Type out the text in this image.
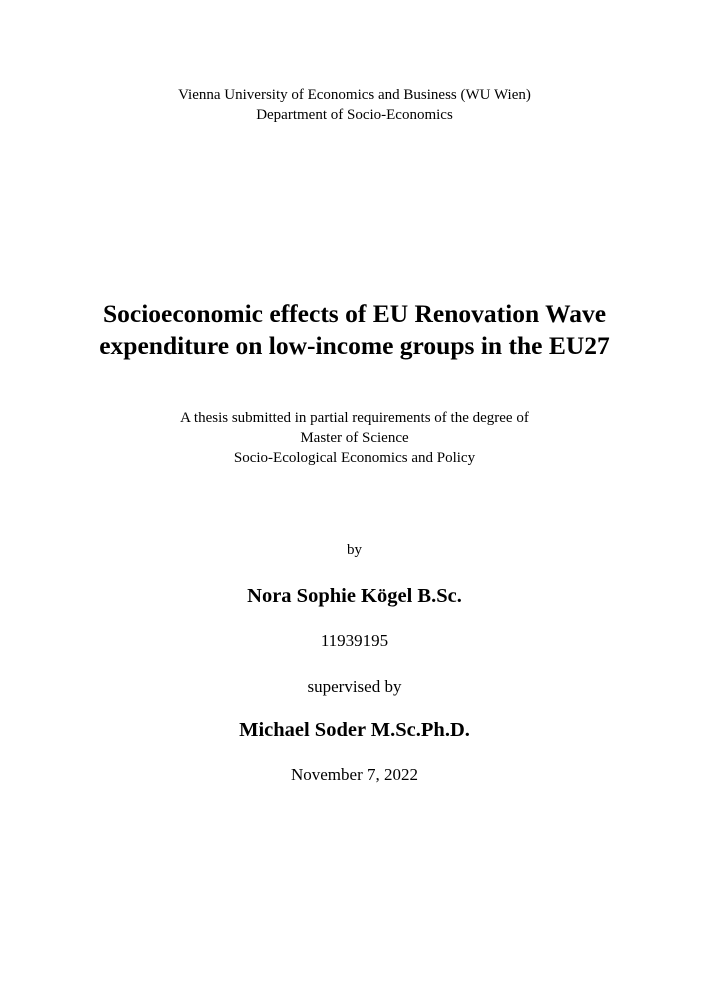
Vienna University of Economics and Business (WU Wien)
Department of Socio-Economics
Socioeconomic effects of EU Renovation Wave
expenditure on low-income groups in the EU27
A thesis submitted in partial requirements of the degree of
Master of Science
Socio-Ecological Economics and Policy
by
Nora Sophie Kögel B.Sc.
11939195
supervised by
Michael Soder M.Sc.Ph.D.
November 7, 2022
